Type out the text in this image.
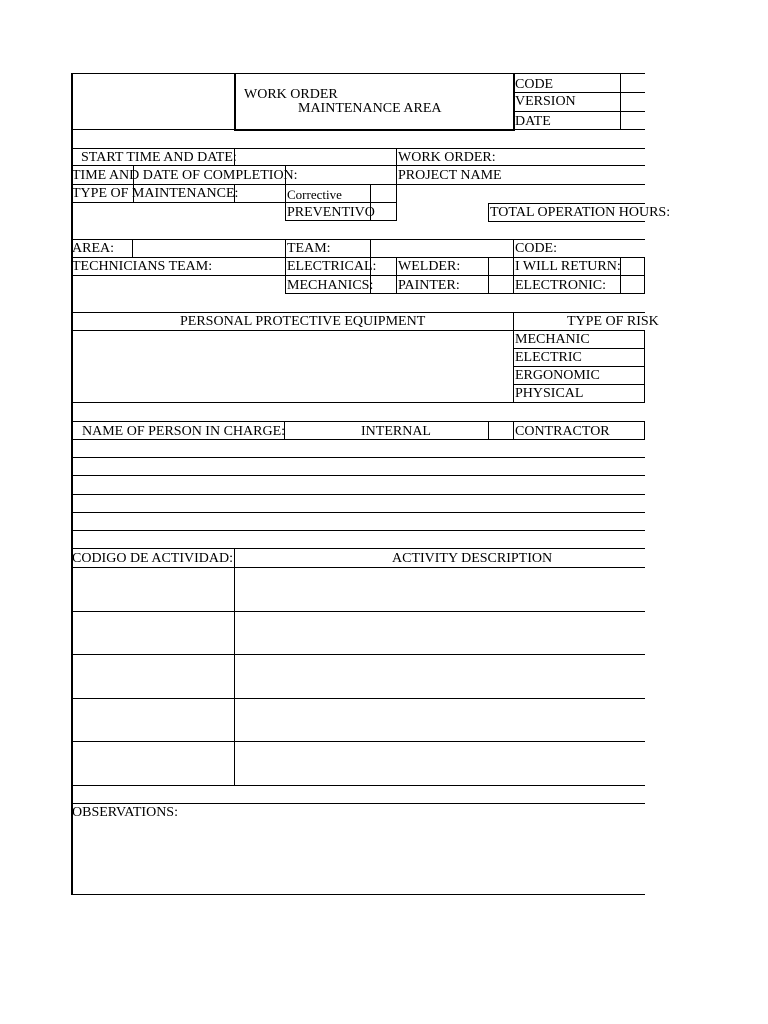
WORK ORDER
MAINTENANCE AREA
CODE
VERSION
DATE
START TIME AND DATE:	WORK ORDER:
TIME AND DATE OF COMPLETION:	PROJECT NAME
TYPE OF MAINTENANCE:	Corrective
PREVENTIVO	TOTAL OPERATION HOURS:
AREA:	TEAM:	CODE:
TECHNICIANS TEAM:	ELECTRICAL: WELDER:	I WILL RETURN:
MECHANICS: PAINTER:	ELECTRONIC:
PERSONAL PROTECTIVE EQUIPMENT	TYPE OF RISK
MECHANIC
ELECTRIC
ERGONOMIC
PHYSICAL
NAME OF PERSON IN CHARGE:	INTERNAL	CONTRACTOR
CODIGO DE ACTIVIDAD:	ACTIVITY DESCRIPTION
OBSERVATIONS:
